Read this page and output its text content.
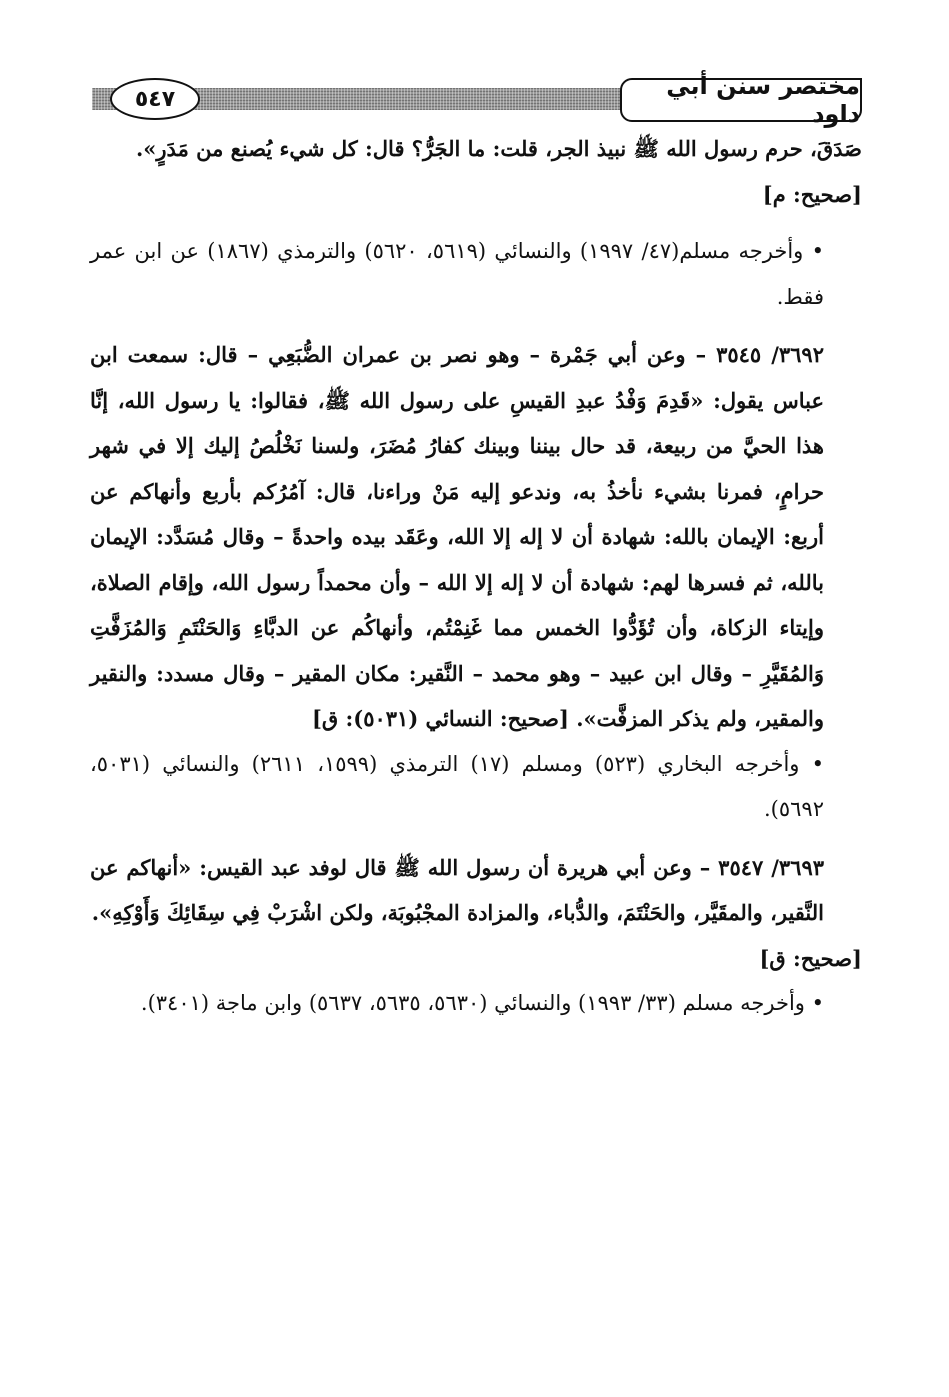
مختصر سنن أبي داود
٥٤٧

صَدَقَ، حرم رسول الله ﷺ نبيذ الجر، قلت: ما الجَرُّ؟ قال: كل شيء يُصنع من مَدَرٍ».

[صحيح: م]

• وأخرجه مسلم(٤٧/ ١٩٩٧) والنسائي (٥٦١٩، ٥٦٢٠) والترمذي (١٨٦٧) عن ابن عمر فقط.

٣٦٩٢/ ٣٥٤٥ – وعن أبي جَمْرة – وهو نصر بن عمران الضُّبَعِي – قال: سمعت ابن عباس يقول: «قَدِمَ وَفْدُ عبدِ القيسِ على رسول الله ﷺ، فقالوا: يا رسول الله، إنَّا هذا الحيَّ من ربيعة، قد حال بيننا وبينك كفارُ مُضَرَ، ولسنا نَخْلُصُ إليك إلا في شهر حرامٍ، فمرنا بشيء نأخذُ به، وندعو إليه مَنْ وراءنا، قال: آمُرُكم بأربع وأنهاكم عن أربع: الإيمان بالله: شهادة أن لا إله إلا الله، وعَقَد بيده واحدةً – وقال مُسَدَّد: الإيمان بالله، ثم فسرها لهم: شهادة أن لا إله إلا الله – وأن محمداً رسول الله، وإقام الصلاة، وإيتاء الزكاة، وأن تُؤَدُّوا الخمس مما غَنِمْتُم، وأنهاكُم عن الدبَّاءِ وَالحَنْتَمِ وَالمُزَفَّتِ وَالمُقَيَّرِ – وقال ابن عبيد – وهو محمد – النَّقير: مكان المقير – وقال مسدد: والنقير والمقير، ولم يذكر المزفَّت». [صحيح: النسائي (٥٠٣١): ق]

• وأخرجه البخاري (٥٢٣) ومسلم (١٧) الترمذي (١٥٩٩، ٢٦١١) والنسائي (٥٠٣١، ٥٦٩٢).

٣٦٩٣/ ٣٥٤٧ – وعن أبي هريرة أن رسول الله ﷺ قال لوفد عبد القيس: «أنهاكم عن النَّقير، والمقَيَّر، والحَنْتَمَ، والدُّباء، والمزادة المجْبُوبَة، ولكن اشْرَبْ فِي سِقَائِكَ وَأَوْكِهِ».

[صحيح: ق]

• وأخرجه مسلم (٣٣/ ١٩٩٣) والنسائي (٥٦٣٠، ٥٦٣٥، ٥٦٣٧) وابن ماجة (٣٤٠١).
